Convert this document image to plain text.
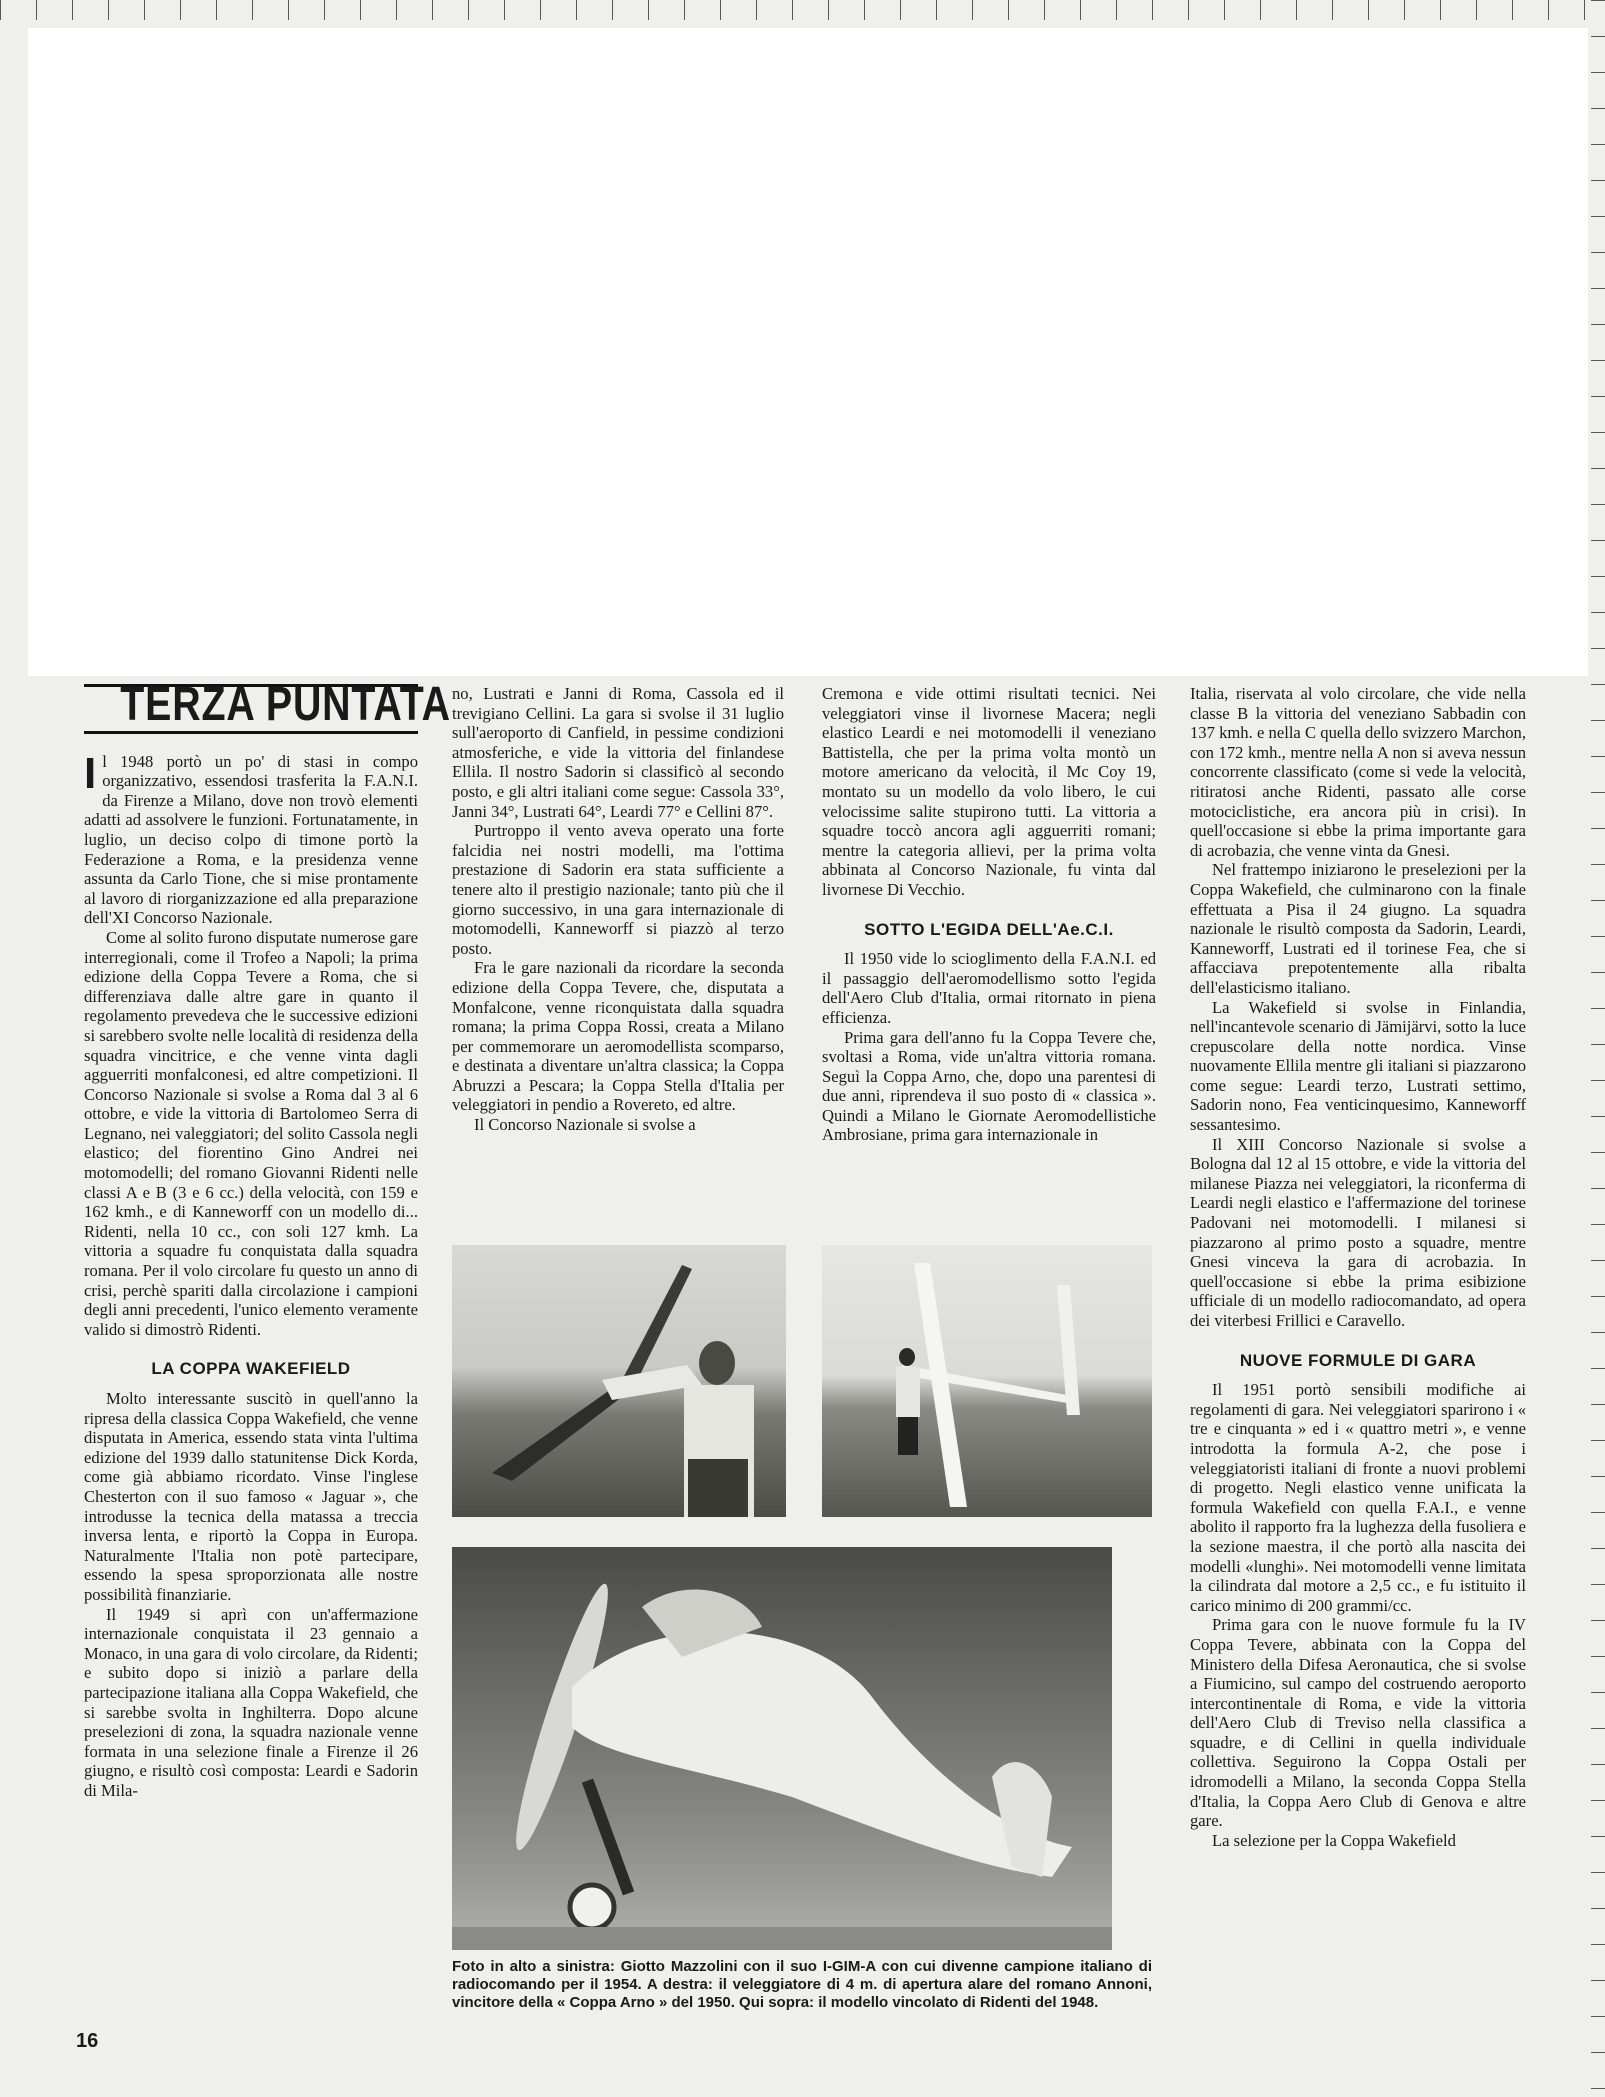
TERZA PUNTATA

Il 1948 portò un po' di stasi in compo organizzativo, essendosi trasferita la F.A.N.I. da Firenze a Milano, dove non trovò elementi adatti ad assolvere le funzioni. Fortunatamente, in luglio, un deciso colpo di timone portò la Federazione a Roma, e la presidenza venne assunta da Carlo Tione, che si mise prontamente al lavoro di riorganizzazione ed alla preparazione dell'XI Concorso Nazionale.

Come al solito furono disputate numerose gare interregionali, come il Trofeo a Napoli; la prima edizione della Coppa Tevere a Roma, che si differenziava dalle altre gare in quanto il regolamento prevedeva che le successive edizioni si sarebbero svolte nelle località di residenza della squadra vincitrice, e che venne vinta dagli agguerriti monfalconesi, ed altre competizioni. Il Concorso Nazionale si svolse a Roma dal 3 al 6 ottobre, e vide la vittoria di Bartolomeo Serra di Legnano, nei valeggiatori; del solito Cassola negli elastico; del fiorentino Gino Andrei nei motomodelli; del romano Giovanni Ridenti nelle classi A e B (3 e 6 cc.) della velocità, con 159 e 162 kmh., e di Kanneworff con un modello di... Ridenti, nella 10 cc., con soli 127 kmh. La vittoria a squadre fu conquistata dalla squadra romana. Per il volo circolare fu questo un anno di crisi, perchè spariti dalla circolazione i campioni degli anni precedenti, l'unico elemento veramente valido si dimostrò Ridenti.

LA COPPA WAKEFIELD

Molto interessante suscitò in quell'anno la ripresa della classica Coppa Wakefield, che venne disputata in America, essendo stata vinta l'ultima edizione del 1939 dallo statunitense Dick Korda, come già abbiamo ricordato. Vinse l'inglese Chesterton con il suo famoso « Jaguar », che introdusse la tecnica della matassa a treccia inversa lenta, e riportò la Coppa in Europa. Naturalmente l'Italia non potè partecipare, essendo la spesa sproporzionata alle nostre possibilità finanziarie.

Il 1949 si aprì con un'affermazione internazionale conquistata il 23 gennaio a Monaco, in una gara di volo circolare, da Ridenti; e subito dopo si iniziò a parlare della partecipazione italiana alla Coppa Wakefield, che si sarebbe svolta in Inghilterra. Dopo alcune preselezioni di zona, la squadra nazionale venne formata in una selezione finale a Firenze il 26 giugno, e risultò così composta: Leardi e Sadorin di Mila-

no, Lustrati e Janni di Roma, Cassola ed il trevigiano Cellini. La gara si svolse il 31 luglio sull'aeroporto di Canfield, in pessime condizioni atmosferiche, e vide la vittoria del finlandese Ellila. Il nostro Sadorin si classificò al secondo posto, e gli altri italiani come segue: Cassola 33°, Janni 34°, Lustrati 64°, Leardi 77° e Cellini 87°.

Purtroppo il vento aveva operato una forte falcidia nei nostri modelli, ma l'ottima prestazione di Sadorin era stata sufficiente a tenere alto il prestigio nazionale; tanto più che il giorno successivo, in una gara internazionale di motomodelli, Kanneworff si piazzò al terzo posto.

Fra le gare nazionali da ricordare la seconda edizione della Coppa Tevere, che, disputata a Monfalcone, venne riconquistata dalla squadra romana; la prima Coppa Rossi, creata a Milano per commemorare un aeromodellista scomparso, e destinata a diventare un'altra classica; la Coppa Abruzzi a Pescara; la Coppa Stella d'Italia per veleggiatori in pendio a Rovereto, ed altre.

Il Concorso Nazionale si svolse a

Cremona e vide ottimi risultati tecnici. Nei veleggiatori vinse il livornese Macera; negli elastico Leardi e nei motomodelli il veneziano Battistella, che per la prima volta montò un motore americano da velocità, il Mc Coy 19, montato su un modello da volo libero, le cui velocissime salite stupirono tutti. La vittoria a squadre toccò ancora agli agguerriti romani; mentre la categoria allievi, per la prima volta abbinata al Concorso Nazionale, fu vinta dal livornese Di Vecchio.

SOTTO L'EGIDA DELL'Ae.C.I.

Il 1950 vide lo scioglimento della F.A.N.I. ed il passaggio dell'aeromodellismo sotto l'egida dell'Aero Club d'Italia, ormai ritornato in piena efficienza.

Prima gara dell'anno fu la Coppa Tevere che, svoltasi a Roma, vide un'altra vittoria romana. Seguì la Coppa Arno, che, dopo una parentesi di due anni, riprendeva il suo posto di « classica ». Quindi a Milano le Giornate Aeromodellistiche Ambrosiane, prima gara internazionale in

Italia, riservata al volo circolare, che vide nella classe B la vittoria del veneziano Sabbadin con 137 kmh. e nella C quella dello svizzero Marchon, con 172 kmh., mentre nella A non si aveva nessun concorrente classificato (come si vede la velocità, ritiratosi anche Ridenti, passato alle corse motociclistiche, era ancora più in crisi). In quell'occasione si ebbe la prima importante gara di acrobazia, che venne vinta da Gnesi.

Nel frattempo iniziarono le preselezioni per la Coppa Wakefield, che culminarono con la finale effettuata a Pisa il 24 giugno. La squadra nazionale le risultò composta da Sadorin, Leardi, Kanneworff, Lustrati ed il torinese Fea, che si affacciava prepotentemente alla ribalta dell'elasticismo italiano.

La Wakefield si svolse in Finlandia, nell'incantevole scenario di Jämijärvi, sotto la luce crepuscolare della notte nordica. Vinse nuovamente Ellila mentre gli italiani si piazzarono come segue: Leardi terzo, Lustrati settimo, Sadorin nono, Fea venticinquesimo, Kanneworff sessantesimo.

Il XIII Concorso Nazionale si svolse a Bologna dal 12 al 15 ottobre, e vide la vittoria del milanese Piazza nei veleggiatori, la riconferma di Leardi negli elastico e l'affermazione del torinese Padovani nei motomodelli. I milanesi si piazzarono al primo posto a squadre, mentre Gnesi vinceva la gara di acrobazia. In quell'occasione si ebbe la prima esibizione ufficiale di un modello radiocomandato, ad opera dei viterbesi Frillici e Caravello.

NUOVE FORMULE DI GARA

Il 1951 portò sensibili modifiche ai regolamenti di gara. Nei veleggiatori sparirono i « tre e cinquanta » ed i « quattro metri », e venne introdotta la formula A-2, che pose i veleggiatoristi italiani di fronte a nuovi problemi di progetto. Negli elastico venne unificata la formula Wakefield con quella F.A.I., e venne abolito il rapporto fra la lughezza della fusoliera e la sezione maestra, il che portò alla nascita dei modelli «lunghi». Nei motomodelli venne limitata la cilindrata dal motore a 2,5 cc., e fu istituito il carico minimo di 200 grammi/cc.

Prima gara con le nuove formule fu la IV Coppa Tevere, abbinata con la Coppa del Ministero della Difesa Aeronautica, che si svolse a Fiumicino, sul campo del costruendo aeroporto intercontinentale di Roma, e vide la vittoria dell'Aero Club di Treviso nella classifica a squadre, e di Cellini in quella individuale collettiva. Seguirono la Coppa Ostali per idromodelli a Milano, la seconda Coppa Stella d'Italia, la Coppa Aero Club di Genova e altre gare.

La selezione per la Coppa Wakefield

Foto in alto a sinistra: Giotto Mazzolini con il suo I-GIM-A con cui divenne campione italiano di radiocomando per il 1954. A destra: il veleggiatore di 4 m. di apertura alare del romano Annoni, vincitore della « Coppa Arno » del 1950. Qui sopra: il modello vincolato di Ridenti del 1948.
16
